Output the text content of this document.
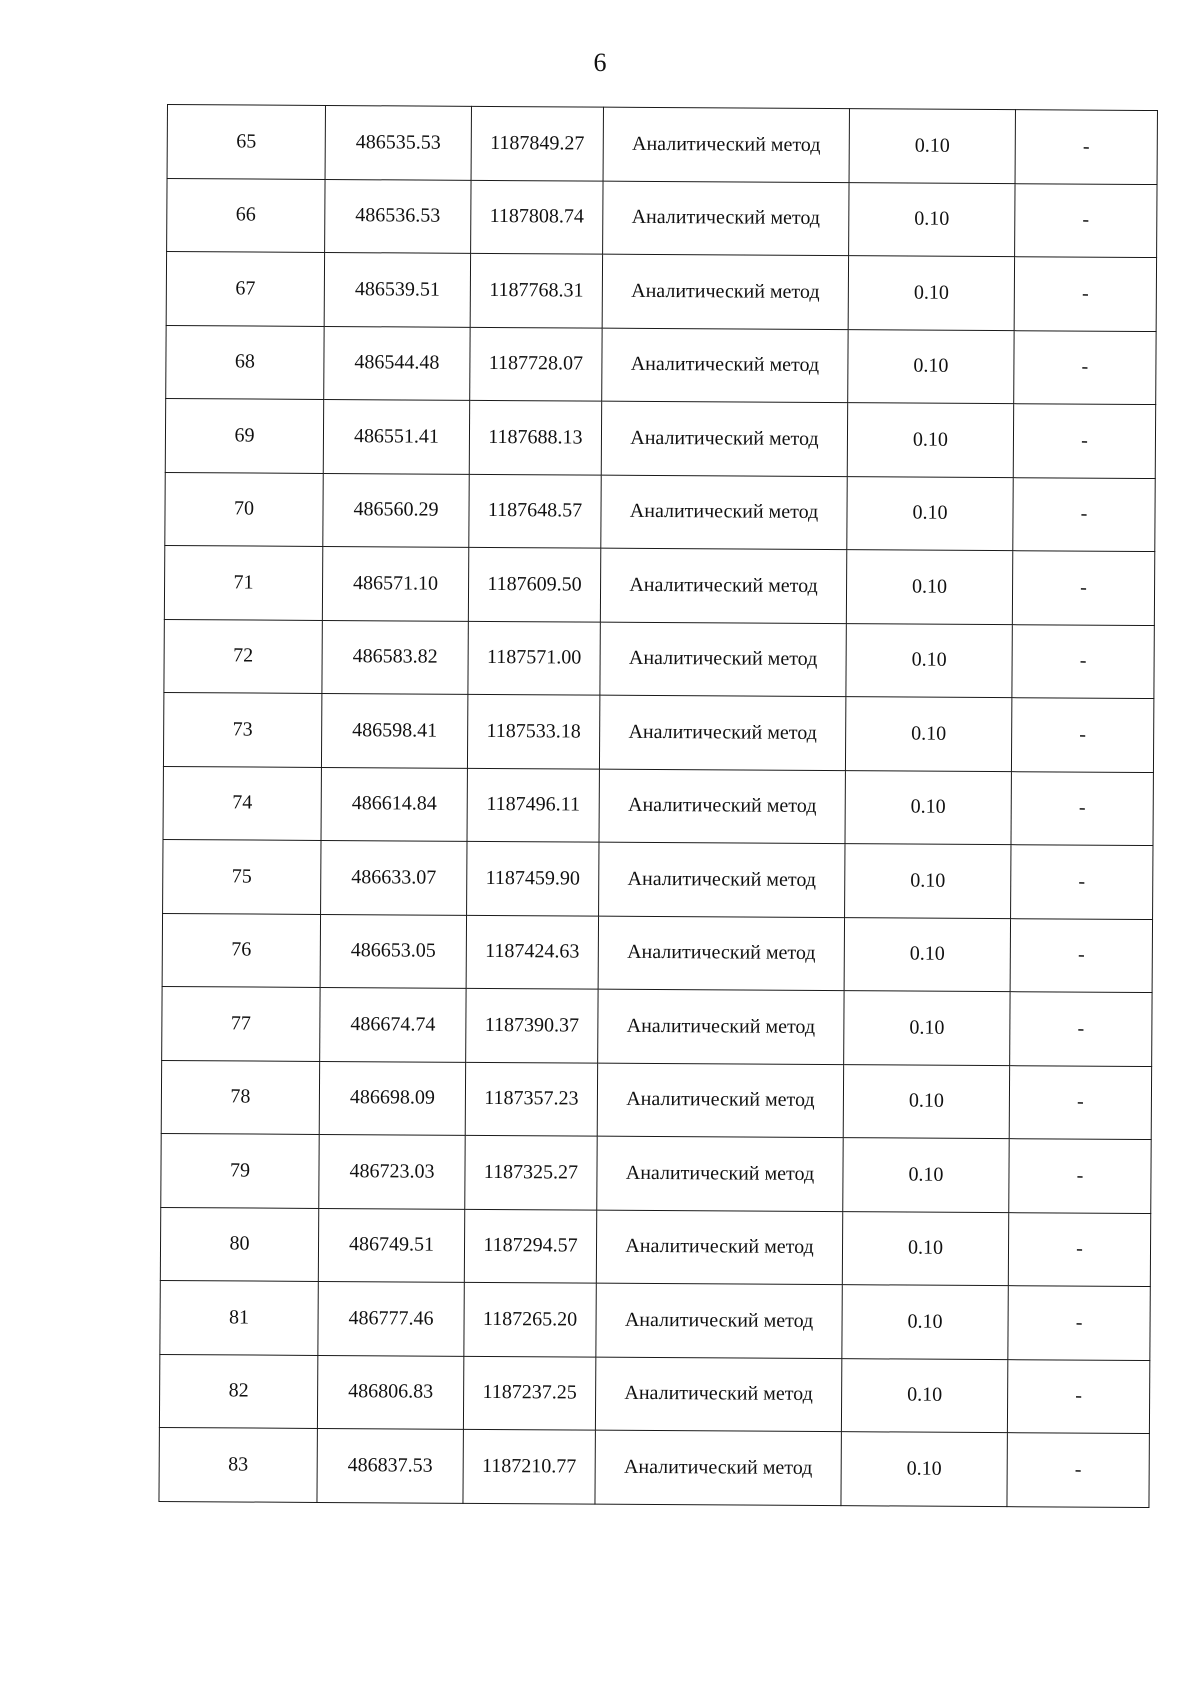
6
65	486535.53	1187849.27	Аналитический метод	0.10	-
66	486536.53	1187808.74	Аналитический метод	0.10	-
67	486539.51	1187768.31	Аналитический метод	0.10	-
68	486544.48	1187728.07	Аналитический метод	0.10	-
69	486551.41	1187688.13	Аналитический метод	0.10	-
70	486560.29	1187648.57	Аналитический метод	0.10	-
71	486571.10	1187609.50	Аналитический метод	0.10	-
72	486583.82	1187571.00	Аналитический метод	0.10	-
73	486598.41	1187533.18	Аналитический метод	0.10	-
74	486614.84	1187496.11	Аналитический метод	0.10	-
75	486633.07	1187459.90	Аналитический метод	0.10	-
76	486653.05	1187424.63	Аналитический метод	0.10	-
77	486674.74	1187390.37	Аналитический метод	0.10	-
78	486698.09	1187357.23	Аналитический метод	0.10	-
79	486723.03	1187325.27	Аналитический метод	0.10	-
80	486749.51	1187294.57	Аналитический метод	0.10	-
81	486777.46	1187265.20	Аналитический метод	0.10	-
82	486806.83	1187237.25	Аналитический метод	0.10	-
83	486837.53	1187210.77	Аналитический метод	0.10	-
